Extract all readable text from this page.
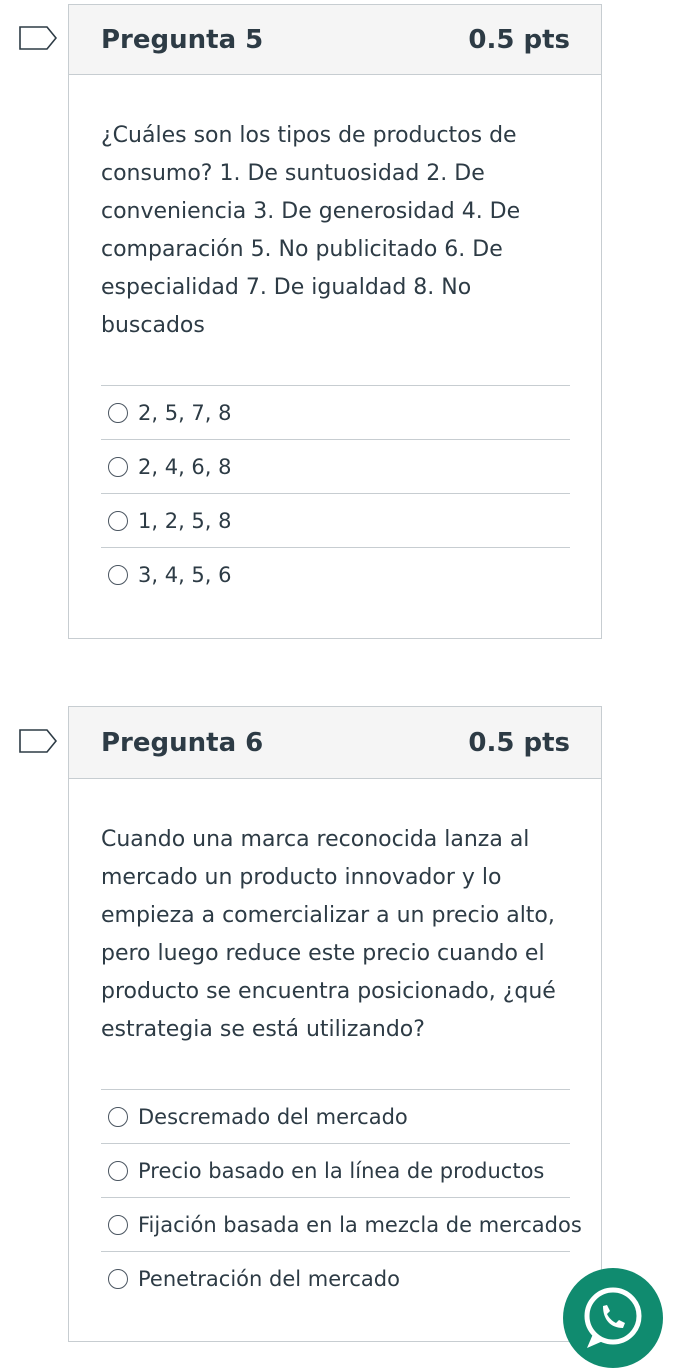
Pregunta 5	0.5 pts
¿Cuáles son los tipos de productos de consumo? 1. De suntuosidad 2. De conveniencia 3. De generosidad 4. De comparación 5. No publicitado 6. De especialidad 7. De igualdad 8. No buscados
2, 5, 7, 8
2, 4, 6, 8
1, 2, 5, 8
3, 4, 5, 6
Pregunta 6	0.5 pts
Cuando una marca reconocida lanza al mercado un producto innovador y lo empieza a comercializar a un precio alto, pero luego reduce este precio cuando el producto se encuentra posicionado, ¿qué estrategia se está utilizando?
Descremado del mercado
Precio basado en la línea de productos
Fijación basada en la mezcla de mercados
Penetración del mercado
